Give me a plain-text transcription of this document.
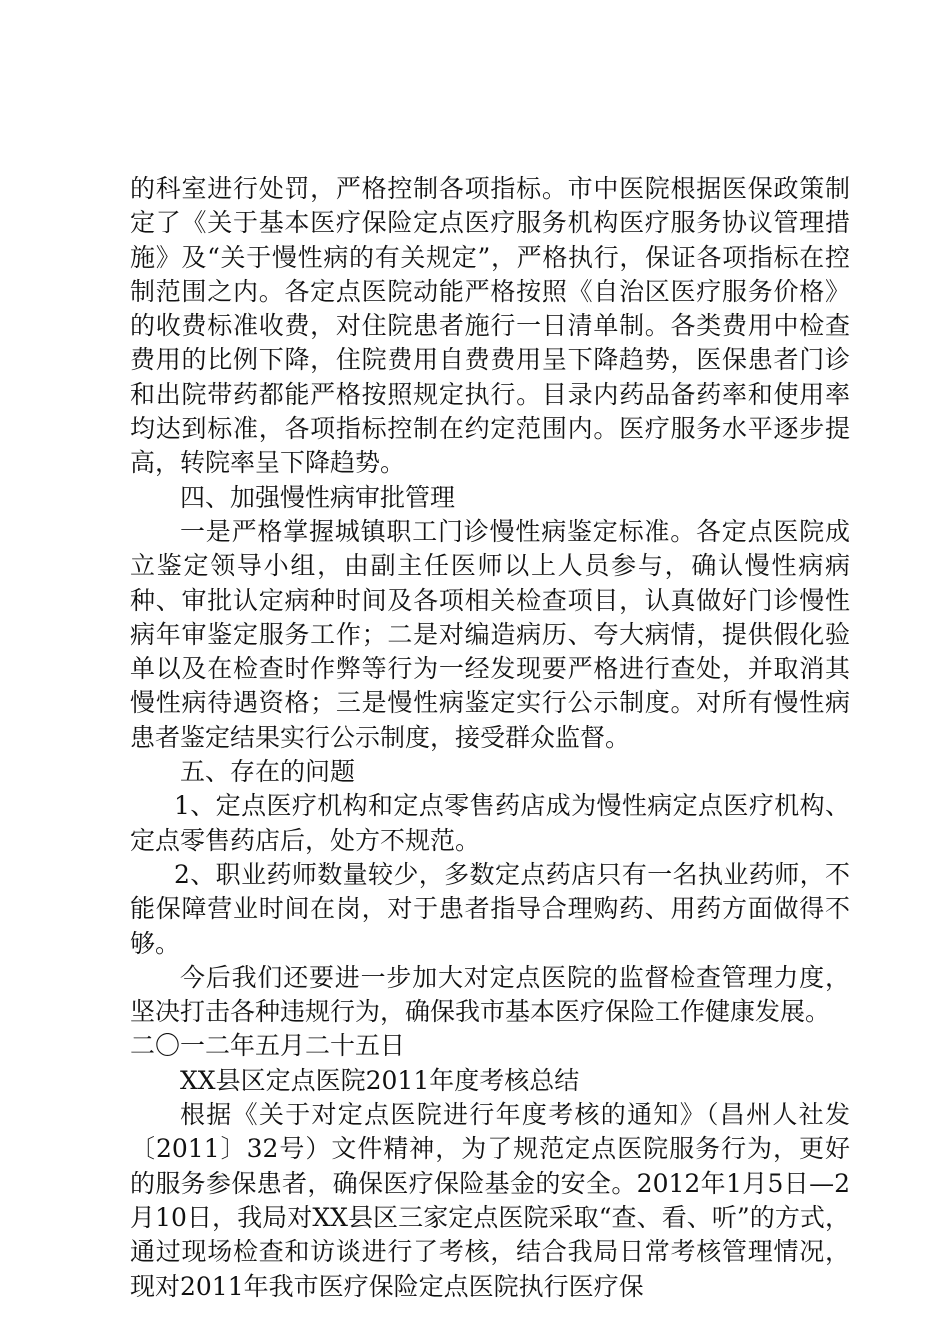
的科室进行处罚，严格控制各项指标。市中医院根据医保政策制定了《关于基本医疗保险定点医疗服务机构医疗服务协议管理措施》及“关于慢性病的有关规定”，严格执行，保证各项指标在控制范围之内。各定点医院动能严格按照《自治区医疗服务价格》的收费标准收费，对住院患者施行一日清单制。各类费用中检查费用的比例下降，住院费用自费费用呈下降趋势，医保患者门诊和出院带药都能严格按照规定执行。目录内药品备药率和使用率均达到标准，各项指标控制在约定范围内。医疗服务水平逐步提高，转院率呈下降趋势。

四、加强慢性病审批管理

一是严格掌握城镇职工门诊慢性病鉴定标准。各定点医院成立鉴定领导小组，由副主任医师以上人员参与，确认慢性病病种、审批认定病种时间及各项相关检查项目，认真做好门诊慢性病年审鉴定服务工作；二是对编造病历、夸大病情，提供假化验单以及在检查时作弊等行为一经发现要严格进行查处，并取消其慢性病待遇资格；三是慢性病鉴定实行公示制度。对所有慢性病患者鉴定结果实行公示制度，接受群众监督。

五、存在的问题

1、定点医疗机构和定点零售药店成为慢性病定点医疗机构、定点零售药店后，处方不规范。

2、职业药师数量较少，多数定点药店只有一名执业药师，不能保障营业时间在岗，对于患者指导合理购药、用药方面做得不够。

今后我们还要进一步加大对定点医院的监督检查管理力度，坚决打击各种违规行为，确保我市基本医疗保险工作健康发展。

二〇一二年五月二十五日

XX县区定点医院2011年度考核总结

根据《关于对定点医院进行年度考核的通知》（昌州人社发〔2011〕32号）文件精神，为了规范定点医院服务行为，更好的服务参保患者，确保医疗保险基金的安全。2012年1月5日—2月10日，我局对XX县区三家定点医院采取“查、看、听”的方式，通过现场检查和访谈进行了考核，结合我局日常考核管理情况，现对2011年我市医疗保险定点医院执行医疗保
